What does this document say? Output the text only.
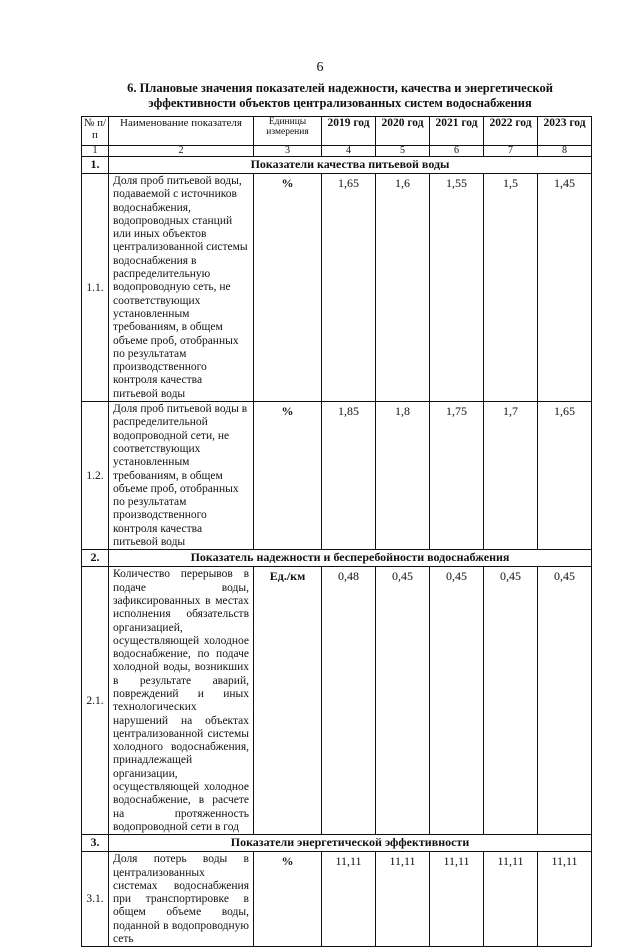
6
6. Плановые значения показателей надежности, качества и энергетической
эффективности объектов централизованных систем водоснабжения
№ п/п	Наименование показателя	Единицы измерения	2019 год	2020 год	2021 год	2022 год	2023 год
1	2	3	4	5	6	7	8
1.	Показатели качества питьевой воды						
1.1.	Доля проб питьевой воды, подаваемой с источников водоснабжения, водопроводных станций или иных объектов централизованной системы водоснабжения в распределительную водопроводную сеть, не соответствующих установленным требованиям, в общем объеме проб, отобранных по результатам производственного контроля качества питьевой воды	%	1,65	1,6	1,55	1,5	1,45
1.2.	Доля проб питьевой воды в распределительной водопроводной сети, не соответствующих установленным требованиям, в общем объеме проб, отобранных по результатам производственного контроля качества питьевой воды	%	1,85	1,8	1,75	1,7	1,65
2.	Показатель надежности и бесперебойности водоснабжения						
2.1.	Количество перерывов в подаче воды, зафиксированных в местах исполнения обязательств организацией, осуществляющей холодное водоснабжение, по подаче холодной воды, возникших в результате аварий, повреждений и иных технологических нарушений на объектах централизованной системы холодного водоснабжения, принадлежащей организации, осуществляющей холодное водоснабжение, в расчете на протяженность водопроводной сети в год	Ед./км	0,48	0,45	0,45	0,45	0,45
3.	Показатели энергетической эффективности						
3.1.	Доля потерь воды в централизованных системах водоснабжения при транспортировке в общем объеме воды, поданной в водопроводную сеть	%	11,11	11,11	11,11	11,11	11,11
